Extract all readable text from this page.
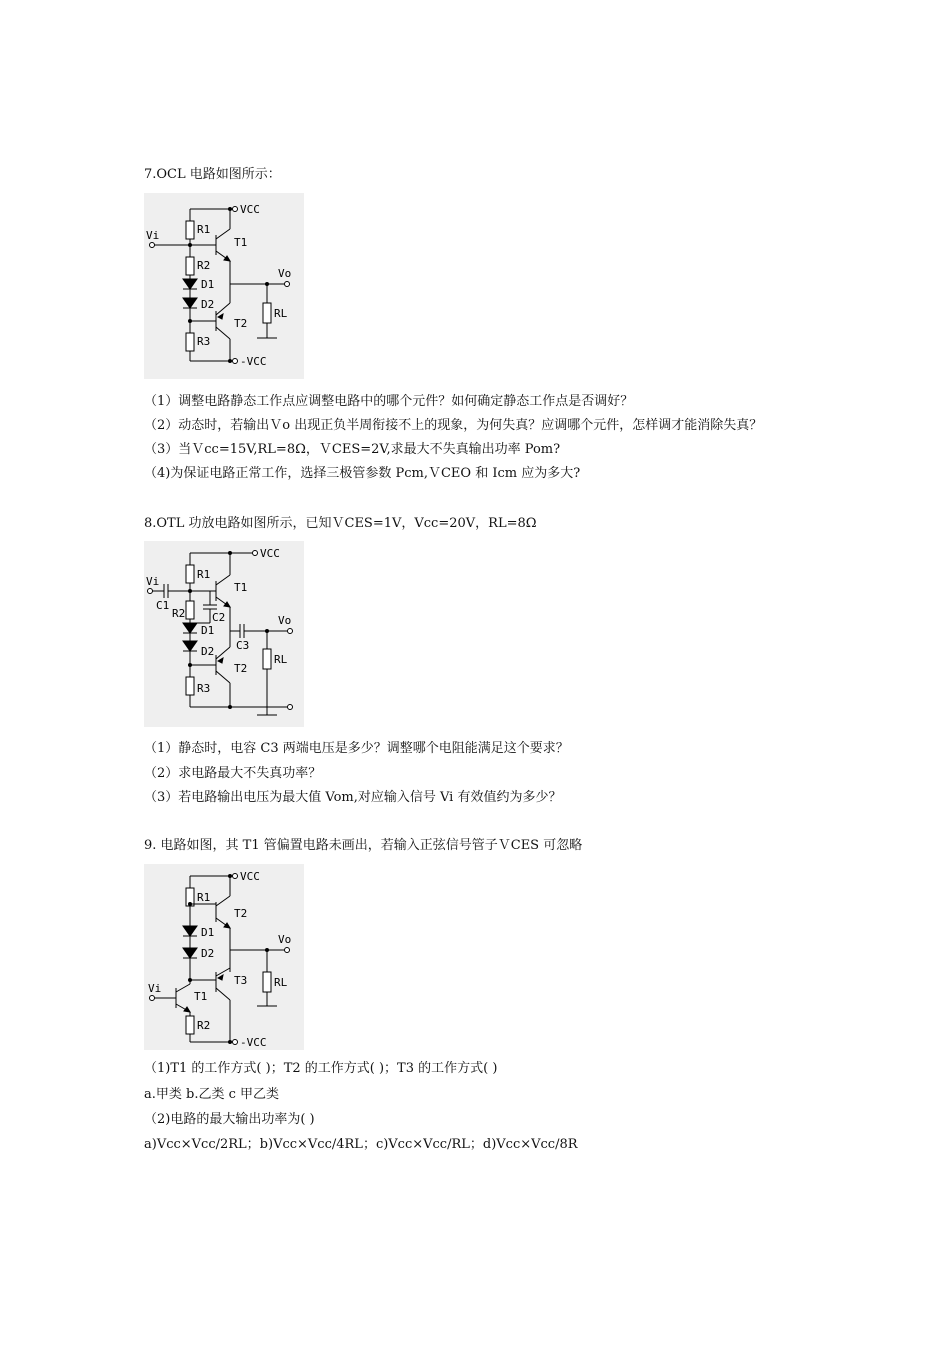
7.OCL 电路如图所示：
VCC
R1
R2
D1
D2
R3
-VCC
Vi
T1
Vo
RL
T2
（1）调整电路静态工作点应调整电路中的哪个元件？如何确定静态工作点是否调好？
（2）动态时，若输出Ｖo 出现正负半周衔接不上的现象，为何失真？应调哪个元件，怎样调才能消除失真？
（3）当Ｖcc=15V,RL=8Ω，ＶCES=2V,求最大不失真输出功率 Pom?
（4)为保证电路正常工作，选择三极管参数 Pcm,ＶCEO 和 Icm 应为多大?
8.OTL 功放电路如图所示，已知ＶCES=1V，Vcc=20V，RL=8Ω
VCC
R1
R2
D1
D2
R3
Vi
C1
T1
C2
C3
Vo
RL
T2
（1）静态时，电容 C3 两端电压是多少？调整哪个电阻能满足这个要求？
（2）求电路最大不失真功率？
（3）若电路输出电压为最大值 Vom,对应输入信号 Vi 有效值约为多少？
9. 电路如图，其 T1 管偏置电路未画出，若输入正弦信号管子ＶCES 可忽略
VCC
R1
D1
D2
T2
Vo
RL
T3
Vi
T1
R2
-VCC
（1)T1 的工作方式( )；T2 的工作方式( )；T3 的工作方式( )
a.甲类 b.乙类 c 甲乙类
（2)电路的最大输出功率为( )
a)Vcc×Vcc/2RL；b)Vcc×Vcc/4RL；c)Vcc×Vcc/RL；d)Vcc×Vcc/8R
